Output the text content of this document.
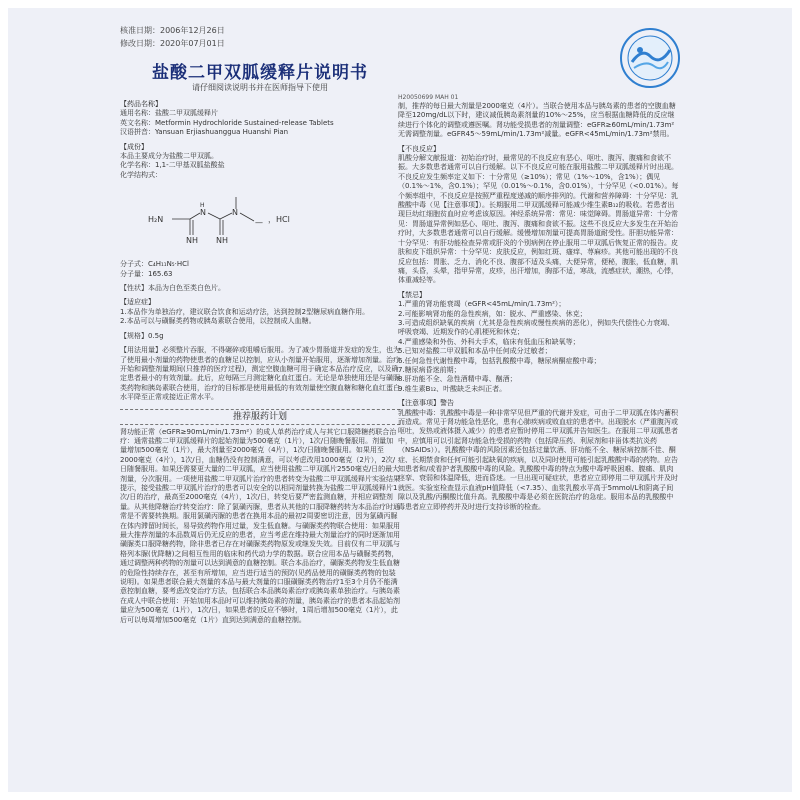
核准日期：2006年12月26日
修改日期：2020年07月01日
盐酸二甲双胍缓释片说明书
请仔细阅读说明书并在医师指导下使用
H20050699 MAH 01
【药品名称】
通用名称：盐酸二甲双胍缓释片
英文名称：Metformin Hydrochloride Sustained-release Tablets
汉语拼音：Yansuan Erjiashuanggua Huanshi Pian
【成份】
本品主要成分为盐酸二甲双胍。
化学名称：1,1-二甲基双胍盐酸盐
化学结构式：
H₂N
N
H
NH NH
N
— ，HCl
分子式：C₄H₁₁N₅·HCl
分子量：165.63
【性状】本品为白色至类白色片。
【适应症】
1.本品作为单独治疗，建议联合饮食和运动疗法，达到控制2型糖尿病血糖作用。
2.本品可以与磺脲类药物或胰岛素联合使用，以控制成人血糖。
【规格】0.5g
【用法用量】必须整片吞服，不得碾碎或咀嚼后服用。为了减少胃肠道并发症的发生，也为了使用最小剂量的药物使患者的血糖足以控制，应从小剂量开始服用，逐渐增加剂量。治疗开始和调整剂量期间(只推荐的医疗过程)，测定空腹血糖可用于确定本品治疗反应，以及确定患者最小的有效剂量。此后，应每隔三月测定糖化血红蛋白。无论是单独使用还是与磺脲类药物和胰岛素联合使用，治疗的目标都是使用最低的有效剂量使空腹血糖和糖化血红蛋白水平降至正常或接近正常水平。
推荐服药计划
肾功能正常（eGFR≥90mL/min/1.73m²）的成人单药治疗成人与其它口服降糖药联合治疗：通常盐酸二甲双胍缓释片的起始剂量为500毫克（1片），1次/日随晚餐服用。剂量加量增加500毫克（1片），最大剂量至2000毫克（4片），1次/日随晚餐服用。如果用至2000毫克（4片），1次/日，血糖仍没有控制满意，可以考虑改用1000毫克（2片），2次/日随餐服用。如果还需要更大量的二甲双胍，应当使用盐酸二甲双胍片2550毫克/日的最大剂量，分次服用。一项使用盐酸二甲双胍片治疗的患者转变为盐酸二甲双胍缓释片实验结果提示，接受盐酸二甲双胍片治疗的患者可以安全的以相同剂量转换为盐酸二甲双胍缓释片1次/日的治疗，最高至2000毫克（4片），1次/日，转变后要严密监测血糖，并相应调整剂量。从其他降糖治疗转变治疗：除了氯磺丙脲，患者从其他的口服降糖药转为本品治疗时通常是不需要转换期。服用氯磺丙脲的患者在换用本品的最初2周要密切注意，因为氯磺丙脲在体内滞留时间长，易导致药物作用过量，发生低血糖。与磺脲类药物联合使用：如果服用最大推荐剂量的本品数周后仍无反应的患者，应当考虑在维持最大剂量治疗的同时逐渐加用磺脲类口服降糖药物，除非患者已存在对磺脲类药物原发或继发失效。目前仅有二甲双胍与格列本脲(优降糖)之间相互性用的临床和药代动力学的数据。联合应用本品与磺脲类药物，通过调整两种药物的剂量可以达到满意的血糖控制。联合本品治疗，磺脲类药物发生低血糖的危险性持续存在，甚至有所增加，应当进行适当的预防(见药品使用的磺脲类药物的包装说明)。如果患者联合最大剂量的本品与最大剂量的口服磺脲类药物治疗1至3个月仍不能满意控制血糖，要考虑改变治疗方法，包括联合本品胰岛素治疗或胰岛素单独治疗。与胰岛素在成人中联合使用：开始加用本品时可以维持胰岛素的剂量，胰岛素治疗的患者本品起始剂量应为500毫克（1片），1次/日，如果患者的反应不够时，1周后增加500毫克（1片），此后可以每周增加500毫克（1片）直到达到满意的血糖控制。
制，推荐的每日最大剂量是2000毫克（4片）。当联合使用本品与胰岛素的患者的空腹血糖降至120mg/dL以下时，建议减低胰岛素剂量的10%～25%，应当根据血糖降低的反应继续进行个体化的调整或遵医嘱。肾功能受损患者的剂量调整：eGFR≥60mL/min/1.73m²无需调整剂量。eGFR45～59mL/min/1.73m²减量。eGFR<45mL/min/1.73m²禁用。
【不良反应】
肌酸分解文献报道：初始治疗时，最常见的不良反应有恶心、呕吐、腹泻、腹痛和食欲不振。大多数患者通常可以自行缓解。以下不良反应可能在服用盐酸二甲双胍缓释片时出现。不良反应发生频率定义如下：十分常见（≥10%）；常见（1%～10%，含1%）；偶见（0.1%～1%，含0.1%）；罕见（0.01%～0.1%，含0.01%），十分罕见（<0.01%）。每个频率组中，不良反应是按照严重程度递减的顺序排列的。代谢和营养障碍：十分罕见：乳酸酸中毒（见【注意事项】）。长期服用二甲双胍缓释可能减少维生素B₁₂的吸收。若患者出现巨幼红细胞贫血时应考虑该原因。神经系统异常：常见：味觉障碍。胃肠道异常：十分常见：胃肠道异常例如恶心、呕吐、腹泻、腹痛和食欲不振。这些不良反应大多发生在开始治疗时，大多数患者通常可以自行缓解。缓慢增加剂量可提高胃肠道耐受性。肝胆功能异常：十分罕见：有肝功能检查异常或肝炎的个别病例在停止服用二甲双胍后恢复正常的报告。皮肤和皮下组织异常：十分罕见：皮肤反应，例如红斑、瘙痒、荨麻疹。其他可能出现的不良反应包括：胃胀、乏力、消化不良、腹部不适及头痛，大便异常，便秘，腹胀，低血糖，肌痛，头昏，头晕，指甲异常，皮疹，出汗增加，胸部不适，寒战，流感症状，潮热，心悸，体重减轻等。
【禁忌】
1.严重的肾功能衰竭（eGFR<45mL/min/1.73m²）；
2.可能影响肾功能的急性疾病，如：脱水、严重感染、休克；
3.可造成组织缺氧的疾病（尤其是急性疾病或慢性疾病的恶化），例如失代偿性心力衰竭、呼吸衰竭、近期发作的心肌梗死和休克；
4.严重感染和外伤、外科大手术，临床有低血压和缺氧等；
5.已知对盐酸二甲双胍和本品中任何成分过敏者；
6.任何急性代谢性酸中毒，包括乳酸酸中毒，糖尿病酮症酸中毒；
7.糖尿病昏迷前期；
8.肝功能不全、急性酒精中毒、酗酒；
9.维生素B₁₂、叶酸缺乏未纠正者。
【注意事项】警告
乳酸酸中毒：乳酸酸中毒是一种非常罕见但严重的代谢并发症，可由于二甲双胍在体内蓄积而造成。常见于肾功能急性恶化，患有心肺疾病或败血症的患者中。出现脱水（严重腹泻或呕吐，发热或液体摄入减少）的患者应暂时停用二甲双胍并告知医生。在服用二甲双胍患者中，应慎用可以引起肾功能急性受损的药物（包括降压药、利尿剂和非甾体类抗炎药（NSAIDs））。乳酸酸中毒的风险因素还包括过量饮酒、肝功能不全、糖尿病控制不佳、酮症、长期禁食和任何可能引起缺氧的疾病，以及同时使用可能引起乳酸酸中毒的药物。应告知患者和/或看护者乳酸酸中毒的风险。乳酸酸中毒的特点为酸中毒呼吸困难、腹痛、肌肉痉挛、衰弱和体温降低，进而昏迷。一旦出现可疑症状，患者应立即停用二甲双胍片并及时就医。实验室检查显示血液pH值降低（<7.35）、血浆乳酸水平高于5mmol/L和阴离子间隙以及乳酸/丙酮酸比值升高。乳酸酸中毒是必须在医院治疗的急症。服用本品的乳酸酸中毒患者应立即停药并及时进行支持诊断的检查。
